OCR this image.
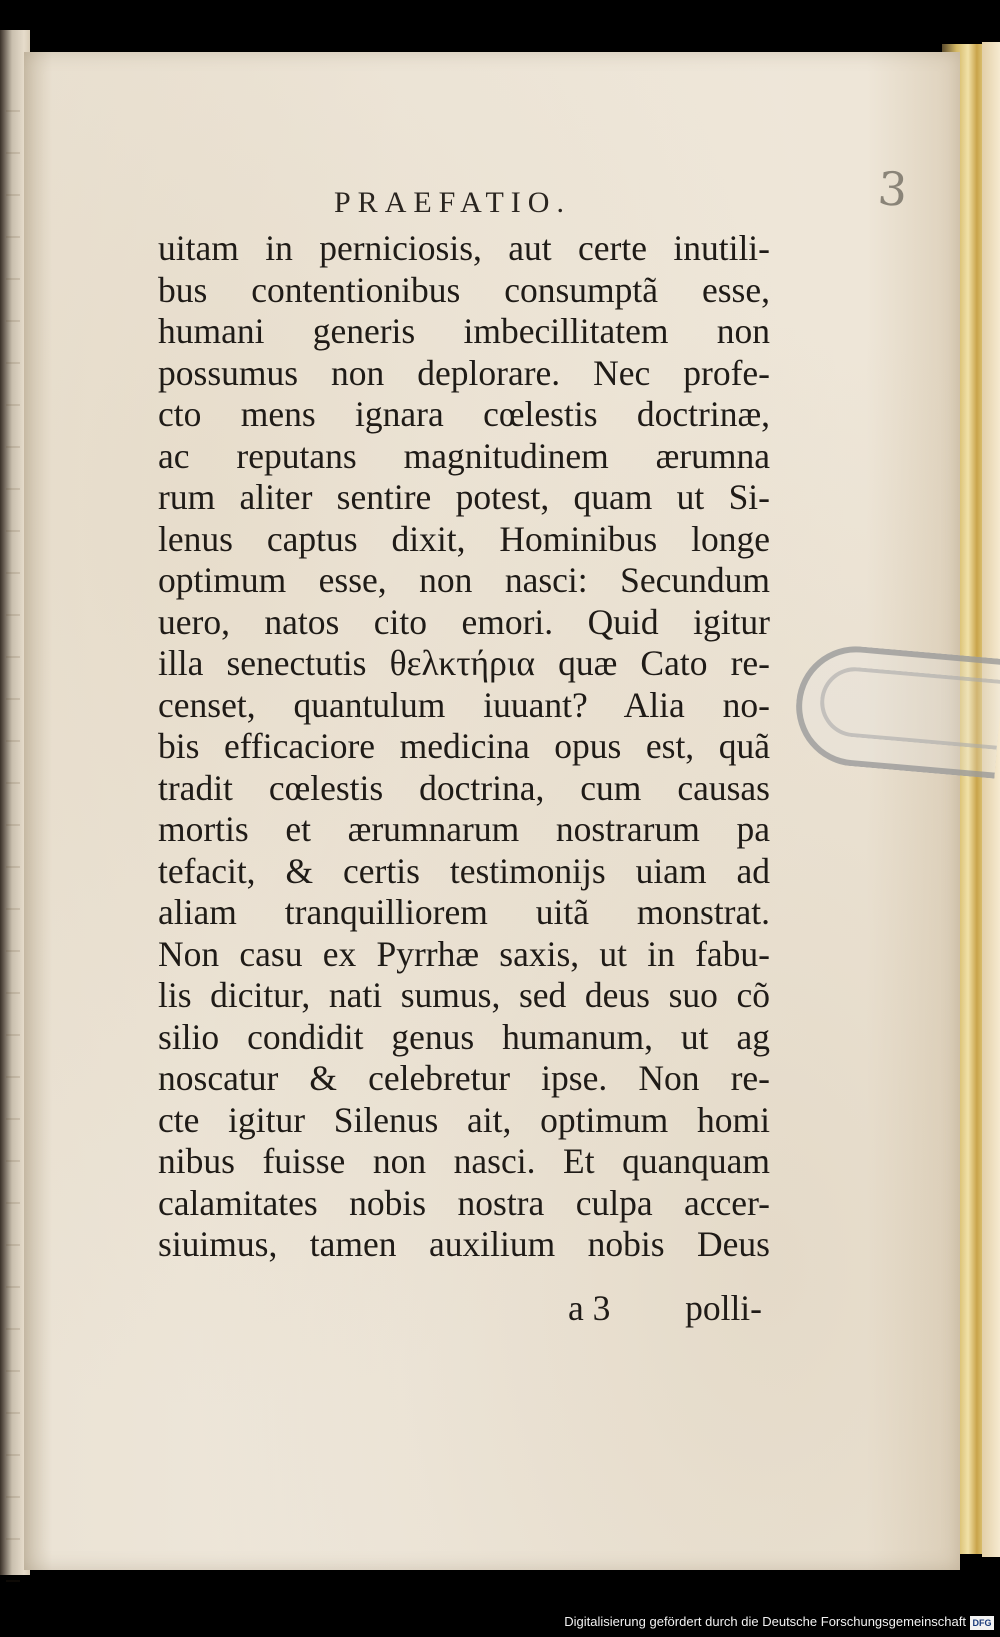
3
PRAEFATIO.
uitam in perniciosis, aut certe inutili-
bus contentionibus consumptã esse,
humani generis imbecillitatem non
possumus non deplorare. Nec profe-
cto mens ignara cœlestis doctrinæ,
ac reputans magnitudinem ærumna
rum aliter sentire potest, quam ut Si-
lenus captus dixit, Hominibus longe
optimum esse, non nasci: Secundum
uero, natos cito emori. Quid igitur
illa senectutis θελκτήρια quæ Cato re-
censet, quantulum iuuant? Alia no-
bis efficaciore medicina opus est, quã
tradit cœlestis doctrina, cum causas
mortis et ærumnarum nostrarum pa
tefacit, & certis testimonijs uiam ad
aliam tranquilliorem uitã monstrat.
Non casu ex Pyrrhæ saxis, ut in fabu-
lis dicitur, nati sumus, sed deus suo cõ
silio condidit genus humanum, ut ag
noscatur & celebretur ipse. Non re-
cte igitur Silenus ait, optimum homi
nibus fuisse non nasci. Et quanquam
calamitates nobis nostra culpa accer-
siuimus, tamen auxilium nobis Deus
a 3 polli-
Digitalisierung gefördert durch die Deutsche Forschungsgemeinschaft DFG
